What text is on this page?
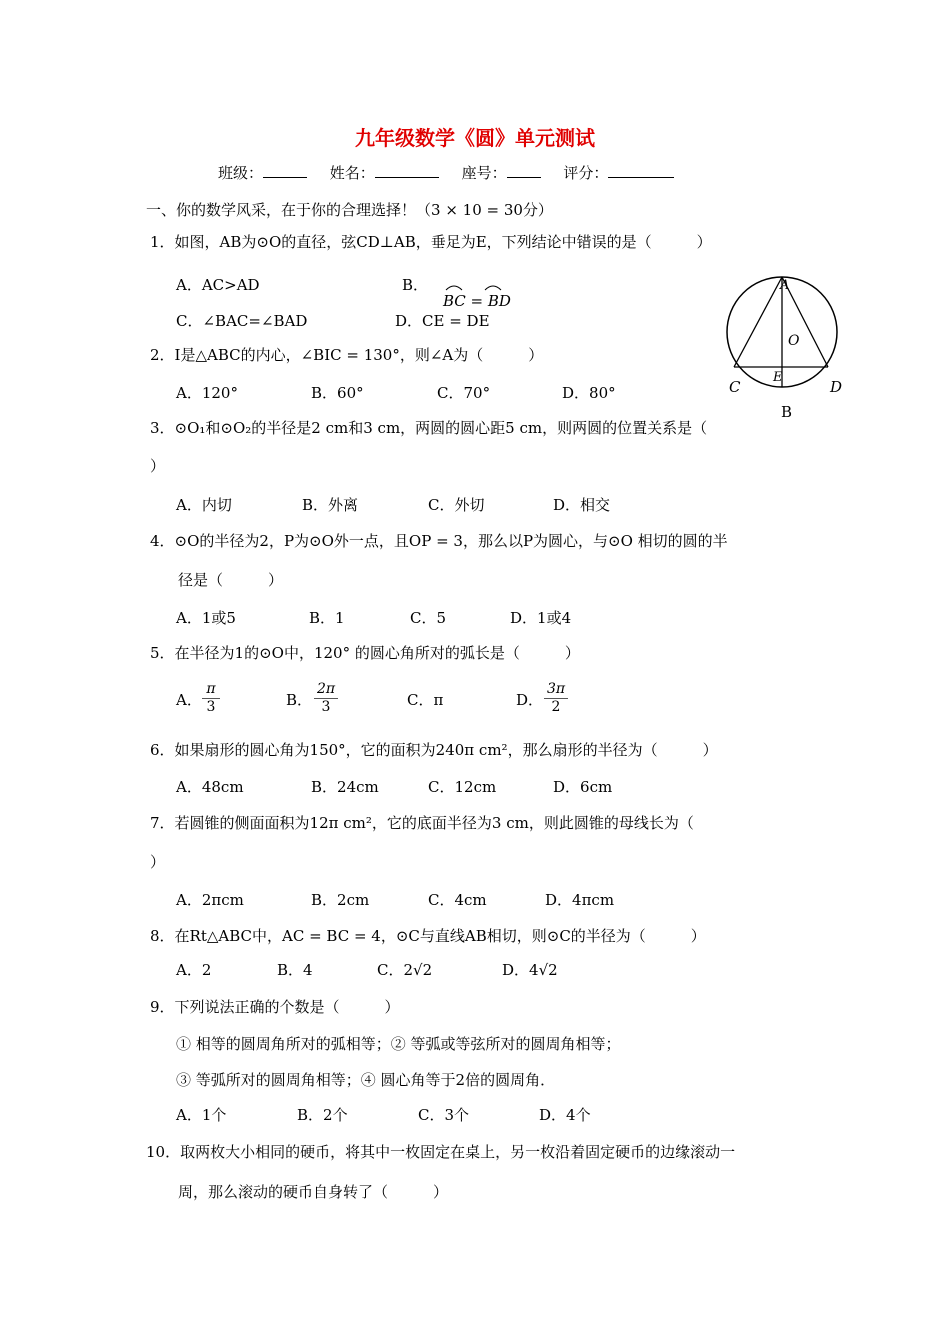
九年级数学《圆》单元测试
班级：	姓名：	座号：	评分：
一、你的数学风采，在于你的合理选择！（3 × 10 = 30分）
1．如图，AB为⊙O的直径，弦CD⊥AB，垂足为E，下列结论中错误的是（　　　）
A．AC>AD	B．
BC = BD
C．∠BAC=∠BAD	D．CE = DE
A
O
C
E
D
B
2．I是△ABC的内心，∠BIC = 130°，则∠A为（　　　）
A．120°	B．60°	C．70°	D．80°
3．⊙O₁和⊙O₂的半径是2 cm和3 cm，两圆的圆心距5 cm，则两圆的位置关系是（
）
A．内切	B．外离	C．外切	D．相交
4．⊙O的半径为2，P为⊙O外一点，且OP = 3，那么以P为圆心，与⊙O 相切的圆的半
径是（　　　）
A．1或5	B．1	C．5	D．1或4
5．在半径为1的⊙O中，120° 的圆心角所对的弧长是（　　　）
A． $\frac{\pi}{3}$	B． $\frac{2\pi}{3}$	C．π	D． $\frac{3\pi}{2}$
6．如果扇形的圆心角为150°，它的面积为240π cm²，那么扇形的半径为（　　　）
A．48cm	B．24cm	C．12cm	D．6cm
7．若圆锥的侧面面积为12π cm²，它的底面半径为3 cm，则此圆锥的母线长为（
）
A．2πcm	B．2cm	C．4cm	D．4πcm
8．在Rt△ABC中，AC = BC = 4，⊙C与直线AB相切，则⊙C的半径为（　　　）
A．2	B．4	C．2√2	D．4√2
9．下列说法正确的个数是（　　　）
① 相等的圆周角所对的弧相等；② 等弧或等弦所对的圆周角相等；
③ 等弧所对的圆周角相等；④ 圆心角等于2倍的圆周角．
A．1个	B．2个	C．3个	D．4个
10．取两枚大小相同的硬币，将其中一枚固定在桌上，另一枚沿着固定硬币的边缘滚动一
周，那么滚动的硬币自身转了（　　　）
